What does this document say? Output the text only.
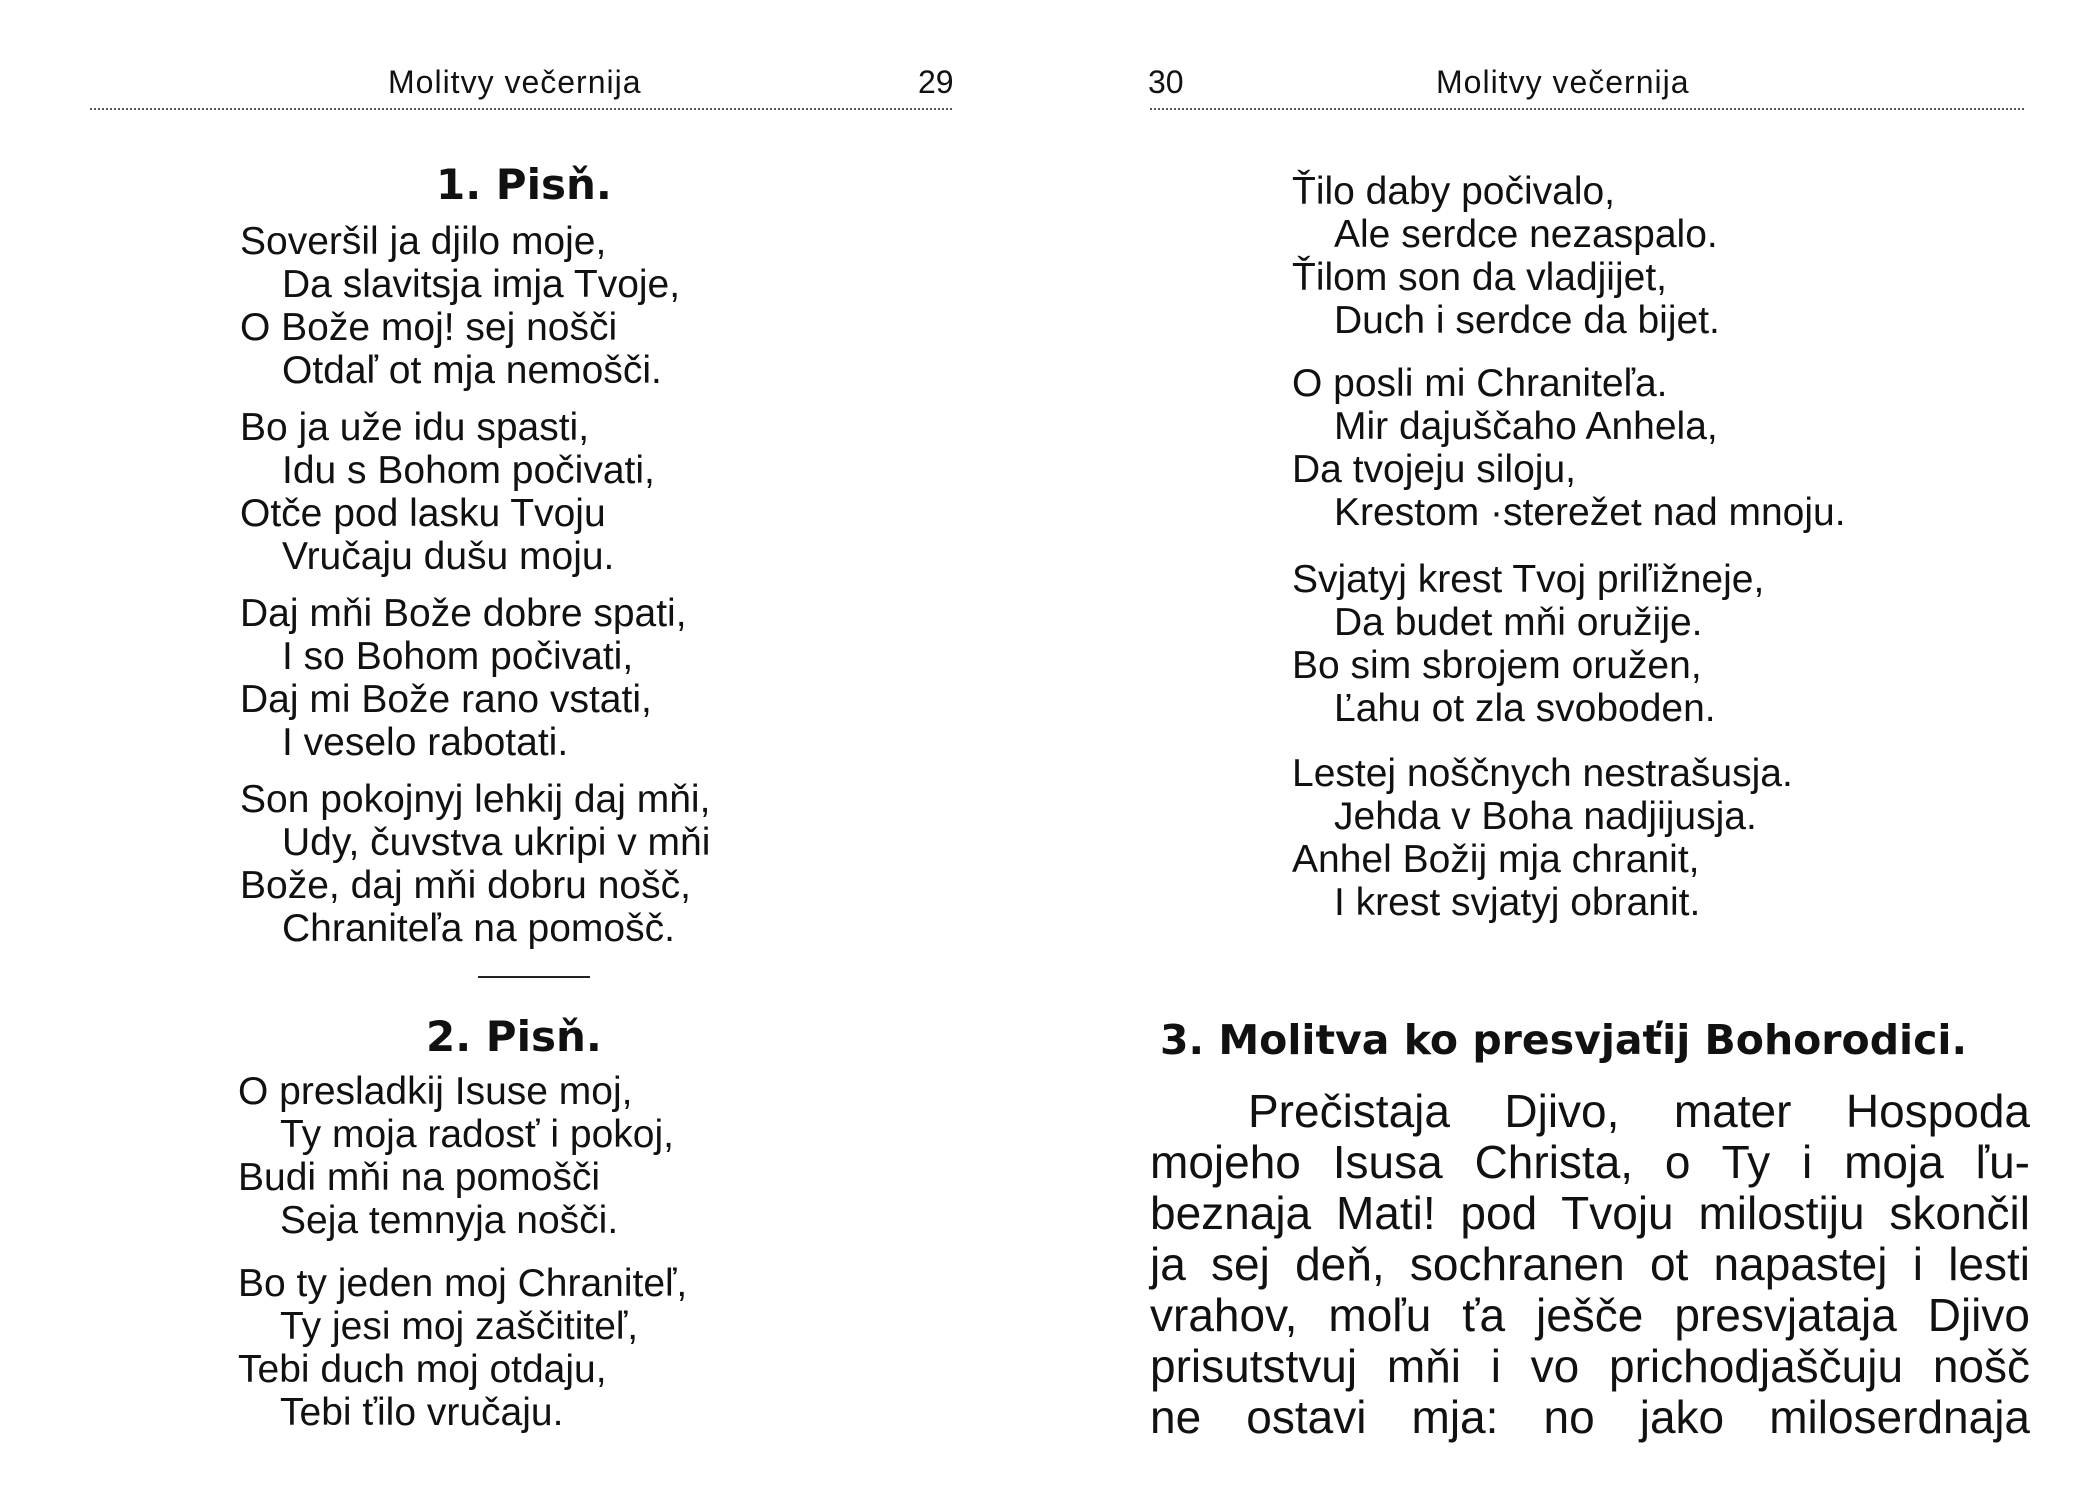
Molitvy večernija	29
1. Pisň.
Soveršil ja djilo moje,
Da slavitsja imja Tvoje,
O Bože moj! sej nošči
Otdaľ ot mja nemošči.
Bo ja uže idu spasti,
Idu s Bohom počivati,
Otče pod lasku Tvoju
Vručaju dušu moju.
Daj mňi Bože dobre spati,
I so Bohom počivati,
Daj mi Bože rano vstati,
I veselo rabotati.
Son pokojnyj lehkij daj mňi,
Udy, čuvstva ukripi v mňi
Bože, daj mňi dobru nošč,
Chraniteľa na pomošč.
2. Pisň.
O presladkij Isuse moj,
Ty moja radosť i pokoj,
Budi mňi na pomošči
Seja temnyja nošči.
Bo ty jeden moj Chraniteľ,
Ty jesi moj zaščititeľ,
Tebi duch moj otdaju,
Tebi ťilo vručaju.
30	Molitvy večernija
Ťilo daby počivalo,
Ale serdce nezaspalo.
Ťilom son da vladjijet,
Duch i serdce da bijet.
O posli mi Chraniteľa.
Mir dajuščaho Anhela,
Da tvojeju siloju,
Krestom ·sterežet nad mnoju.
Svjatyj krest Tvoj priľižneje,
Da budet mňi oružije.
Bo sim sbrojem oružen,
Ľahu ot zla svoboden.
Lestej noščnych nestrašusja.
Jehda v Boha nadjijusja.
Anhel Božij mja chranit,
I krest svjatyj obranit.
3. Molitva ko presvjaťij Bohorodici.
Prečistaja Djivo, mater Hospoda
mojeho Isusa Christa, o Ty i moja ľu-
beznaja Mati! pod Tvoju milostiju skončil
ja sej deň, sochranen ot napastej i lesti
vrahov, moľu ťa ješče presvjataja Djivo
prisutstvuj mňi i vo prichodjaščuju nošč
ne ostavi mja: no jako miloserdnaja
